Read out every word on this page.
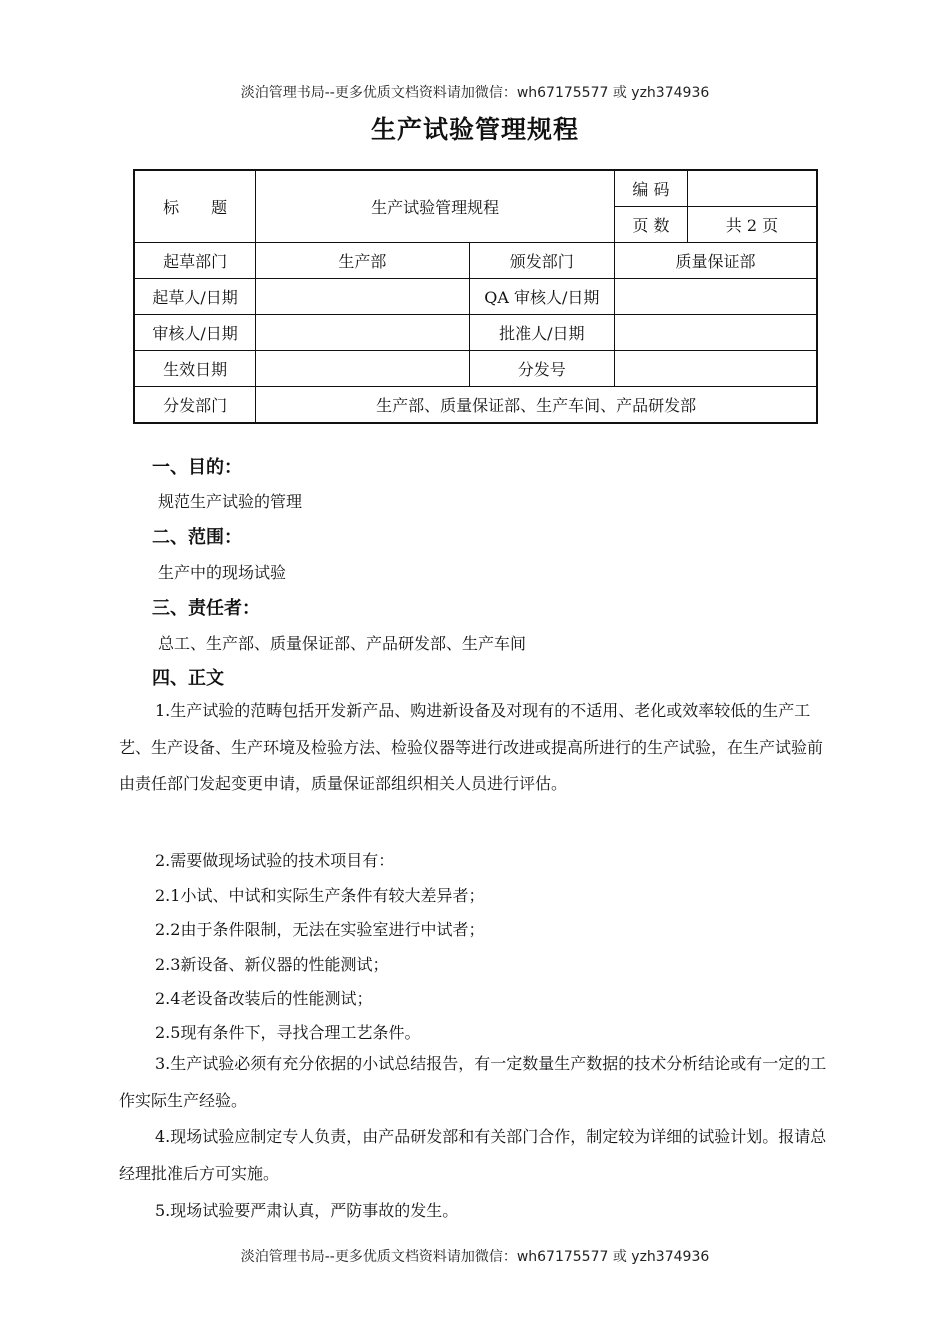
淡泊管理书局--更多优质文档资料请加微信：wh67175577 或 yzh374936
生产试验管理规程
标　　题	生产试验管理规程		编 码	
			页 数	共 2 页
起草部门	生产部	颁发部门	质量保证部	
起草人/日期		QA 审核人/日期		
审核人/日期		批准人/日期		
生效日期		分发号		
分发部门	生产部、质量保证部、生产车间、产品研发部			
一、目的：
规范生产试验的管理
二、范围：
生产中的现场试验
三、责任者：
总工、生产部、质量保证部、产品研发部、生产车间
四、正文
1.生产试验的范畴包括开发新产品、购进新设备及对现有的不适用、老化或效率较低的生产工艺、生产设备、生产环境及检验方法、检验仪器等进行改进或提高所进行的生产试验，在生产试验前由责任部门发起变更申请，质量保证部组织相关人员进行评估。
2.需要做现场试验的技术项目有：
2.1小试、中试和实际生产条件有较大差异者；
2.2由于条件限制，无法在实验室进行中试者；
2.3新设备、新仪器的性能测试；
2.4老设备改装后的性能测试；
2.5现有条件下，寻找合理工艺条件。
3.生产试验必须有充分依据的小试总结报告，有一定数量生产数据的技术分析结论或有一定的工作实际生产经验。
4.现场试验应制定专人负责，由产品研发部和有关部门合作，制定较为详细的试验计划。报请总经理批准后方可实施。
5.现场试验要严肃认真，严防事故的发生。
淡泊管理书局--更多优质文档资料请加微信：wh67175577 或 yzh374936
